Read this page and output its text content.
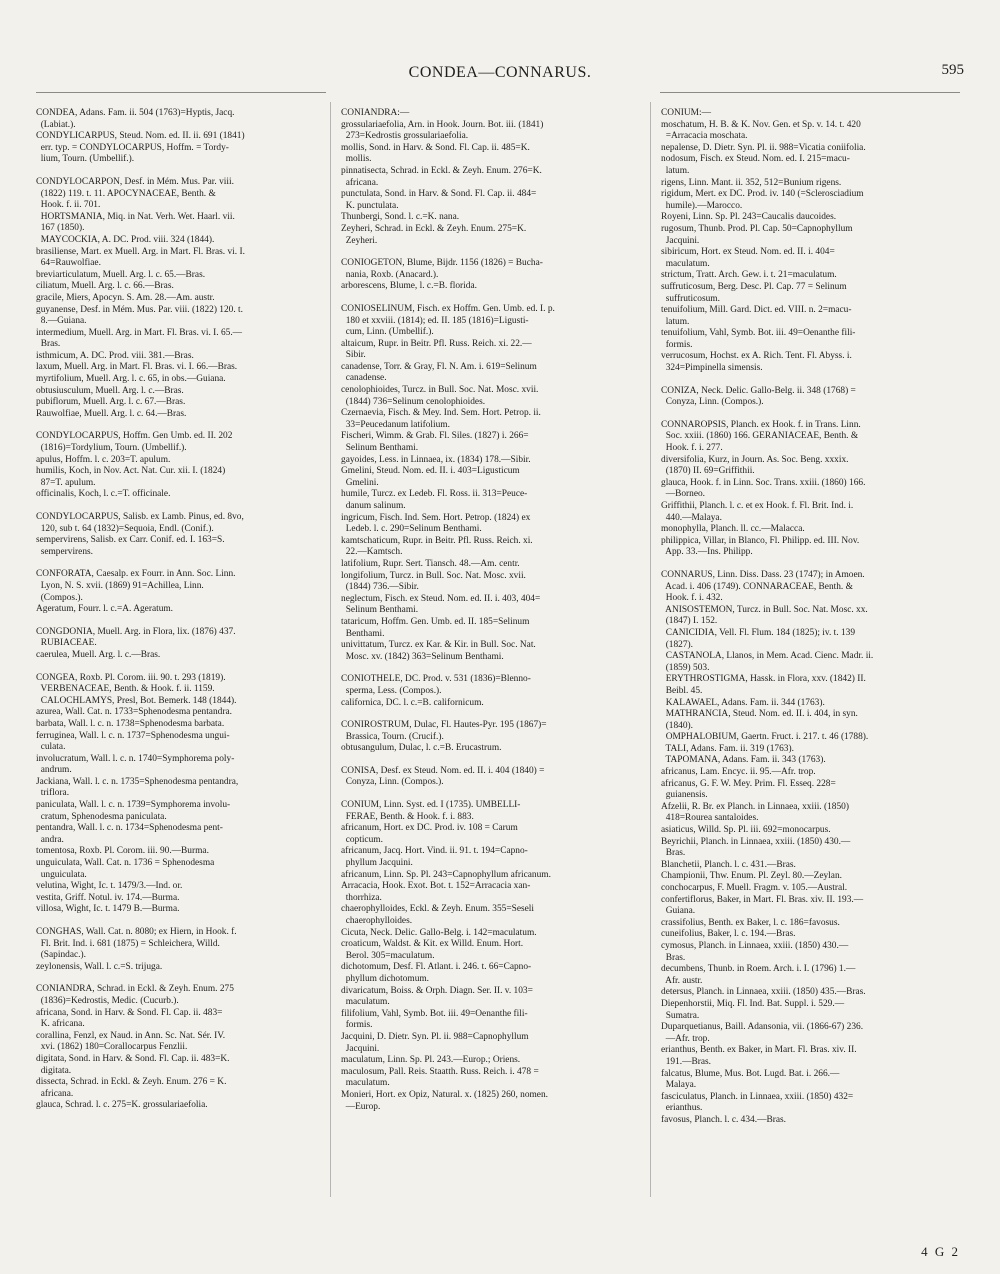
CONDEA—CONNARUS.	595
CONDEA, Adans. Fam. ii. 504 (1763)=Hyptis, Jacq.
(Labiat.).
CONDYLICARPUS, Steud. Nom. ed. II. ii. 691 (1841)
err. typ. = CONDYLOCARPUS, Hoffm. = Tordy-
lium, Tourn. (Umbellif.).
CONDYLOCARPON, Desf. in Mém. Mus. Par. viii.
(1822) 119. t. 11. APOCYNACEAE, Benth. &
Hook. f. ii. 701.
HORTSMANIA, Miq. in Nat. Verh. Wet. Haarl. vii.
167 (1850).
MAYCOCKIA, A. DC. Prod. viii. 324 (1844).
brasiliense, Mart. ex Muell. Arg. in Mart. Fl. Bras. vi. I.
64=Rauwolfiae.
breviarticulatum, Muell. Arg. l. c. 65.—Bras.
ciliatum, Muell. Arg. l. c. 66.—Bras.
gracile, Miers, Apocyn. S. Am. 28.—Am. austr.
guyanense, Desf. in Mém. Mus. Par. viii. (1822) 120. t.
8.—Guiana.
intermedium, Muell. Arg. in Mart. Fl. Bras. vi. I. 65.—
Bras.
isthmicum, A. DC. Prod. viii. 381.—Bras.
laxum, Muell. Arg. in Mart. Fl. Bras. vi. I. 66.—Bras.
myrtifolium, Muell. Arg. l. c. 65, in obs.—Guiana.
obtusiusculum, Muell. Arg. l. c.—Bras.
pubiflorum, Muell. Arg. l. c. 67.—Bras.
Rauwolfiae, Muell. Arg. l. c. 64.—Bras.
CONDYLOCARPUS, Hoffm. Gen Umb. ed. II. 202
(1816)=Tordylium, Tourn. (Umbellif.).
apulus, Hoffm. l. c. 203=T. apulum.
humilis, Koch, in Nov. Act. Nat. Cur. xii. I. (1824)
87=T. apulum.
officinalis, Koch, l. c.=T. officinale.
CONDYLOCARPUS, Salisb. ex Lamb. Pinus, ed. 8vo,
120, sub t. 64 (1832)=Sequoia, Endl. (Conif.).
sempervirens, Salisb. ex Carr. Conif. ed. I. 163=S.
sempervirens.
CONFORATA, Caesalp. ex Fourr. in Ann. Soc. Linn.
Lyon, N. S. xvii. (1869) 91=Achillea, Linn.
(Compos.).
Ageratum, Fourr. l. c.=A. Ageratum.
CONGDONIA, Muell. Arg. in Flora, lix. (1876) 437.
RUBIACEAE.
caerulea, Muell. Arg. l. c.—Bras.
CONGEA, Roxb. Pl. Corom. iii. 90. t. 293 (1819).
VERBENACEAE, Benth. & Hook. f. ii. 1159.
CALOCHLAMYS, Presl, Bot. Bemerk. 148 (1844).
azurea, Wall. Cat. n. 1733=Sphenodesma pentandra.
barbata, Wall. l. c. n. 1738=Sphenodesma barbata.
ferruginea, Wall. l. c. n. 1737=Sphenodesma ungui-
culata.
involucratum, Wall. l. c. n. 1740=Symphorema poly-
andrum.
Jackiana, Wall. l. c. n. 1735=Sphenodesma pentandra,
triflora.
paniculata, Wall. l. c. n. 1739=Symphorema involu-
cratum, Sphenodesma paniculata.
pentandra, Wall. l. c. n. 1734=Sphenodesma pent-
andra.
tomentosa, Roxb. Pl. Corom. iii. 90.—Burma.
unguiculata, Wall. Cat. n. 1736 = Sphenodesma
unguiculata.
velutina, Wight, Ic. t. 1479/3.—Ind. or.
vestita, Griff. Notul. iv. 174.—Burma.
villosa, Wight, Ic. t. 1479 B.—Burma.
CONGHAS, Wall. Cat. n. 8080; ex Hiern, in Hook. f.
Fl. Brit. Ind. i. 681 (1875) = Schleichera, Willd.
(Sapindac.).
zeylonensis, Wall. l. c.=S. trijuga.
CONIANDRA, Schrad. in Eckl. & Zeyh. Enum. 275
(1836)=Kedrostis, Medic. (Cucurb.).
africana, Sond. in Harv. & Sond. Fl. Cap. ii. 483=
K. africana.
corallina, Fenzl, ex Naud. in Ann. Sc. Nat. Sér. IV.
xvi. (1862) 180=Corallocarpus Fenzlii.
digitata, Sond. in Harv. & Sond. Fl. Cap. ii. 483=K.
digitata.
dissecta, Schrad. in Eckl. & Zeyh. Enum. 276 = K.
africana.
glauca, Schrad. l. c. 275=K. grossulariaefolia.
CONIANDRA:—
grossulariaefolia, Arn. in Hook. Journ. Bot. iii. (1841)
273=Kedrostis grossulariaefolia.
mollis, Sond. in Harv. & Sond. Fl. Cap. ii. 485=K.
mollis.
pinnatisecta, Schrad. in Eckl. & Zeyh. Enum. 276=K.
africana.
punctulata, Sond. in Harv. & Sond. Fl. Cap. ii. 484=
K. punctulata.
Thunbergi, Sond. l. c.=K. nana.
Zeyheri, Schrad. in Eckl. & Zeyh. Enum. 275=K.
Zeyheri.
CONIOGETON, Blume, Bijdr. 1156 (1826) = Bucha-
nania, Roxb. (Anacard.).
arborescens, Blume, l. c.=B. florida.
CONIOSELINUM, Fisch. ex Hoffm. Gen. Umb. ed. I. p.
180 et xxviii. (1814); ed. II. 185 (1816)=Ligusti-
cum, Linn. (Umbellif.).
altaicum, Rupr. in Beitr. Pfl. Russ. Reich. xi. 22.—
Sibir.
canadense, Torr. & Gray, Fl. N. Am. i. 619=Selinum
canadense.
cenolophioides, Turcz. in Bull. Soc. Nat. Mosc. xvii.
(1844) 736=Selinum cenolophioides.
Czernaevia, Fisch. & Mey. Ind. Sem. Hort. Petrop. ii.
33=Peucedanum latifolium.
Fischeri, Wimm. & Grab. Fl. Siles. (1827) i. 266=
Selinum Benthami.
gayoides, Less. in Linnaea, ix. (1834) 178.—Sibir.
Gmelini, Steud. Nom. ed. II. i. 403=Ligusticum
Gmelini.
humile, Turcz. ex Ledeb. Fl. Ross. ii. 313=Peuce-
danum salinum.
ingricum, Fisch. Ind. Sem. Hort. Petrop. (1824) ex
Ledeb. l. c. 290=Selinum Benthami.
kamtschaticum, Rupr. in Beitr. Pfl. Russ. Reich. xi.
22.—Kamtsch.
latifolium, Rupr. Sert. Tiansch. 48.—Am. centr.
longifolium, Turcz. in Bull. Soc. Nat. Mosc. xvii.
(1844) 736.—Sibir.
neglectum, Fisch. ex Steud. Nom. ed. II. i. 403, 404=
Selinum Benthami.
tataricum, Hoffm. Gen. Umb. ed. II. 185=Selinum
Benthami.
univittatum, Turcz. ex Kar. & Kir. in Bull. Soc. Nat.
Mosc. xv. (1842) 363=Selinum Benthami.
CONIOTHELE, DC. Prod. v. 531 (1836)=Blenno-
sperma, Less. (Compos.).
californica, DC. l. c.=B. californicum.
CONIROSTRUM, Dulac, Fl. Hautes-Pyr. 195 (1867)=
Brassica, Tourn. (Crucif.).
obtusangulum, Dulac, l. c.=B. Erucastrum.
CONISA, Desf. ex Steud. Nom. ed. II. i. 404 (1840) =
Conyza, Linn. (Compos.).
CONIUM, Linn. Syst. ed. I (1735). UMBELLI-
FERAE, Benth. & Hook. f. i. 883.
africanum, Hort. ex DC. Prod. iv. 108 = Carum
copticum.
africanum, Jacq. Hort. Vind. ii. 91. t. 194=Capno-
phyllum Jacquini.
africanum, Linn. Sp. Pl. 243=Capnophyllum africanum.
Arracacia, Hook. Exot. Bot. t. 152=Arracacia xan-
thorrhiza.
chaerophylloides, Eckl. & Zeyh. Enum. 355=Seseli
chaerophylloides.
Cicuta, Neck. Delic. Gallo-Belg. i. 142=maculatum.
croaticum, Waldst. & Kit. ex Willd. Enum. Hort.
Berol. 305=maculatum.
dichotomum, Desf. Fl. Atlant. i. 246. t. 66=Capno-
phyllum dichotomum.
divaricatum, Boiss. & Orph. Diagn. Ser. II. v. 103=
maculatum.
filifolium, Vahl, Symb. Bot. iii. 49=Oenanthe fili-
formis.
Jacquini, D. Dietr. Syn. Pl. ii. 988=Capnophyllum
Jacquini.
maculatum, Linn. Sp. Pl. 243.—Europ.; Oriens.
maculosum, Pall. Reis. Staatth. Russ. Reich. i. 478 =
maculatum.
Monieri, Hort. ex Opiz, Natural. x. (1825) 260, nomen.
—Europ.
CONIUM:—
moschatum, H. B. & K. Nov. Gen. et Sp. v. 14. t. 420
=Arracacia moschata.
nepalense, D. Dietr. Syn. Pl. ii. 988=Vicatia coniifolia.
nodosum, Fisch. ex Steud. Nom. ed. I. 215=macu-
latum.
rigens, Linn. Mant. ii. 352, 512=Bunium rigens.
rigidum, Mert. ex DC. Prod. iv. 140 (=Sclerosciadium
humile).—Marocco.
Royeni, Linn. Sp. Pl. 243=Caucalis daucoides.
rugosum, Thunb. Prod. Pl. Cap. 50=Capnophyllum
Jacquini.
sibiricum, Hort. ex Steud. Nom. ed. II. i. 404=
maculatum.
strictum, Tratt. Arch. Gew. i. t. 21=maculatum.
suffruticosum, Berg. Desc. Pl. Cap. 77 = Selinum
suffruticosum.
tenuifolium, Mill. Gard. Dict. ed. VIII. n. 2=macu-
latum.
tenuifolium, Vahl, Symb. Bot. iii. 49=Oenanthe fili-
formis.
verrucosum, Hochst. ex A. Rich. Tent. Fl. Abyss. i.
324=Pimpinella simensis.
CONIZA, Neck. Delic. Gallo-Belg. ii. 348 (1768) =
Conyza, Linn. (Compos.).
CONNAROPSIS, Planch. ex Hook. f. in Trans. Linn.
Soc. xxiii. (1860) 166. GERANIACEAE, Benth. &
Hook. f. i. 277.
diversifolia, Kurz, in Journ. As. Soc. Beng. xxxix.
(1870) II. 69=Griffithii.
glauca, Hook. f. in Linn. Soc. Trans. xxiii. (1860) 166.
—Borneo.
Griffithii, Planch. l. c. et ex Hook. f. Fl. Brit. Ind. i.
440.—Malaya.
monophylla, Planch. ll. cc.—Malacca.
philippica, Villar, in Blanco, Fl. Philipp. ed. III. Nov.
App. 33.—Ins. Philipp.
CONNARUS, Linn. Diss. Dass. 23 (1747); in Amoen.
Acad. i. 406 (1749). CONNARACEAE, Benth. &
Hook. f. i. 432.
ANISOSTEMON, Turcz. in Bull. Soc. Nat. Mosc. xx.
(1847) I. 152.
CANICIDIA, Vell. Fl. Flum. 184 (1825); iv. t. 139
(1827).
CASTANOLA, Llanos, in Mem. Acad. Cienc. Madr. ii.
(1859) 503.
ERYTHROSTIGMA, Hassk. in Flora, xxv. (1842) II.
Beibl. 45.
KALAWAEL, Adans. Fam. ii. 344 (1763).
MATHRANCIA, Steud. Nom. ed. II. i. 404, in syn.
(1840).
OMPHALOBIUM, Gaertn. Fruct. i. 217. t. 46 (1788).
TALI, Adans. Fam. ii. 319 (1763).
TAPOMANA, Adans. Fam. ii. 343 (1763).
africanus, Lam. Encyc. ii. 95.—Afr. trop.
africanus, G. F. W. Mey. Prim. Fl. Esseq. 228=
guianensis.
Afzelii, R. Br. ex Planch. in Linnaea, xxiii. (1850)
418=Rourea santaloides.
asiaticus, Willd. Sp. Pl. iii. 692=monocarpus.
Beyrichii, Planch. in Linnaea, xxiii. (1850) 430.—
Bras.
Blanchetii, Planch. l. c. 431.—Bras.
Championii, Thw. Enum. Pl. Zeyl. 80.—Zeylan.
conchocarpus, F. Muell. Fragm. v. 105.—Austral.
confertiflorus, Baker, in Mart. Fl. Bras. xiv. II. 193.—
Guiana.
crassifolius, Benth. ex Baker, l. c. 186=favosus.
cuneifolius, Baker, l. c. 194.—Bras.
cymosus, Planch. in Linnaea, xxiii. (1850) 430.—
Bras.
decumbens, Thunb. in Roem. Arch. i. I. (1796) 1.—
Afr. austr.
detersus, Planch. in Linnaea, xxiii. (1850) 435.—Bras.
Diepenhorstii, Miq. Fl. Ind. Bat. Suppl. i. 529.—
Sumatra.
Duparquetianus, Baill. Adansonia, vii. (1866-67) 236.
—Afr. trop.
erianthus, Benth. ex Baker, in Mart. Fl. Bras. xiv. II.
191.—Bras.
falcatus, Blume, Mus. Bot. Lugd. Bat. i. 266.—
Malaya.
fasciculatus, Planch. in Linnaea, xxiii. (1850) 432=
erianthus.
favosus, Planch. l. c. 434.—Bras.
4 G 2
